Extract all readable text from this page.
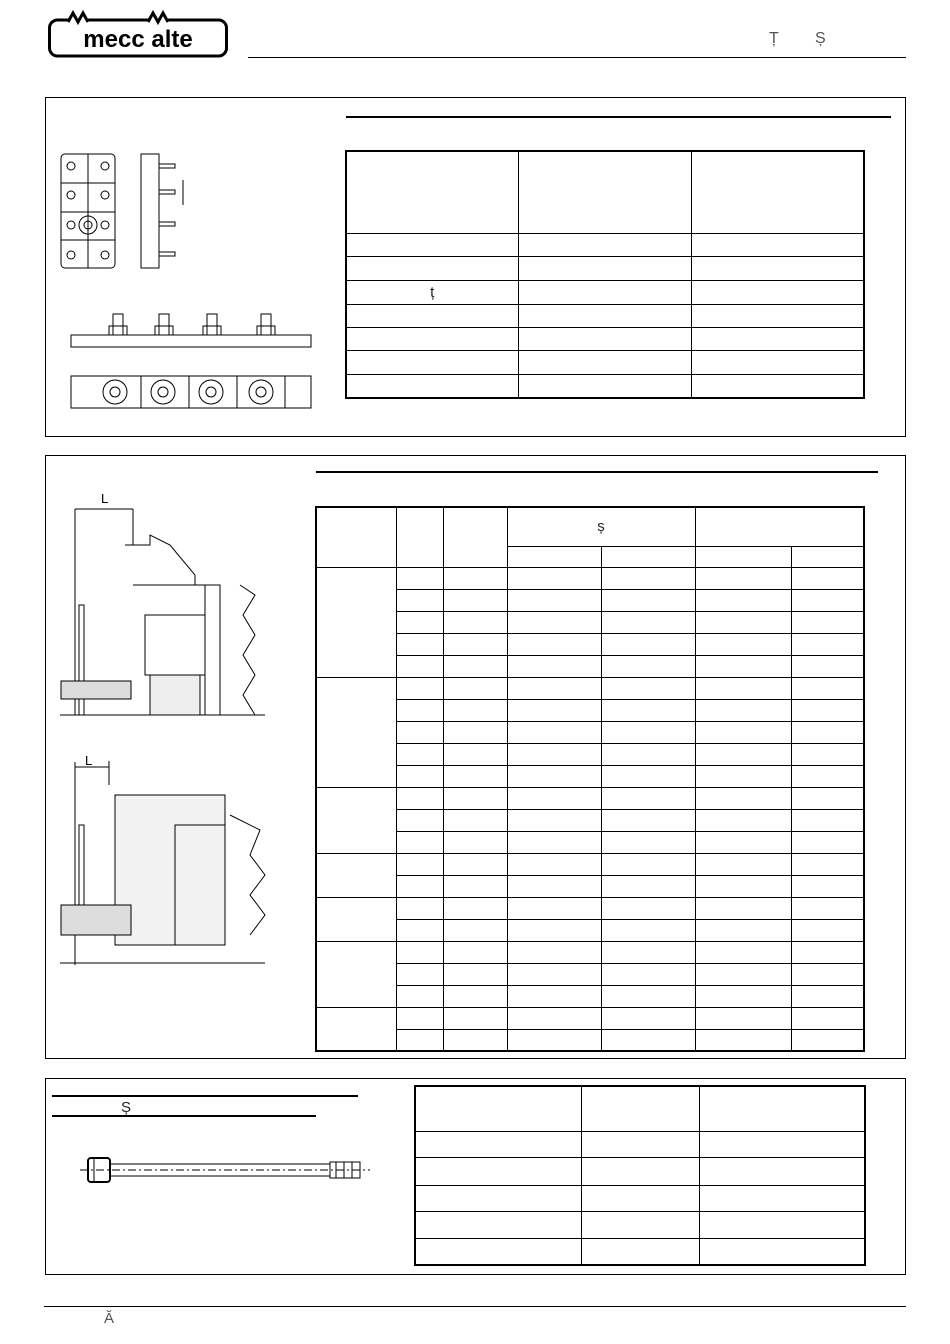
mecc alte	Ț Ș

ț		

L
L
			ș			

Ș

Ă
